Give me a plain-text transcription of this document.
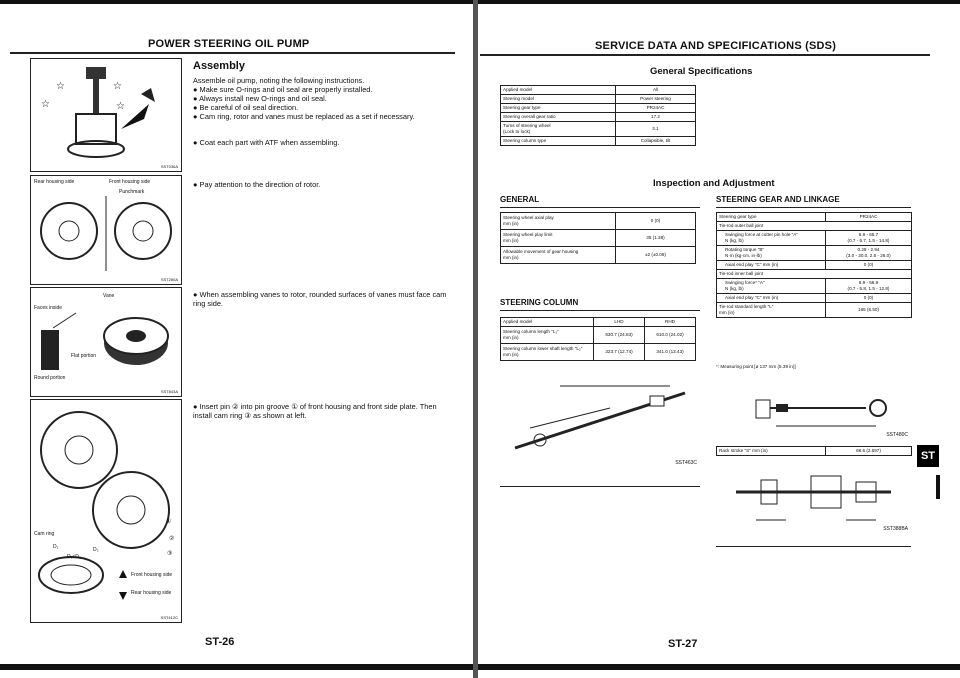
POWER STEERING OIL PUMP
☆	☆
☆	☆
SST036A
Rear housing side	Front housing side
Punchmark
SST280A
Vane
Faces inside
Flat portion
Round portion
SST843A
Cam ring
D₁
D₁<D₂
D₂
①
②
③
Front housing side
Rear housing side
SST412C
Assembly
Assemble oil pump, noting the following instructions.
● Make sure O-rings and oil seal are properly installed.
● Always install new O-rings and oil seal.
● Be careful of oil seal direction.
● Cam ring, rotor and vanes must be replaced as a set if necessary.
● Coat each part with ATF when assembling.
● Pay attention to the direction of rotor.
● When assembling vanes to rotor, rounded surfaces of vanes must face cam ring side.
● Insert pin ② into pin groove ① of front housing and front side plate. Then install cam ring ③ as shown at left.
ST-26
SERVICE DATA AND SPECIFICATIONS (SDS)
General Specifications
Applied model	All
Steering model	Power steering
Steering gear type	PR24AC
Steering overall gear ratio	17.2
Turns of steering wheel
(Lock to lock)	3.1
Steering column type	Collapsible, tilt
Inspection and Adjustment
GENERAL
Steering wheel axial play
mm (in)	0 (0)
Steering wheel play limit
mm (in)	35 (1.38)
Allowable movement of gear housing
mm (in)	±2 (±0.08)
STEERING COLUMN
Applied model	LHD	RHD
Steering column length "L₁"
mm (in)	630.7 (24.83)	610.0 (24.02)
Steering column lower shaft length "L₂"
mm (in)	323.7 (12.74)	341.0 (13.43)
SST463C
STEERING GEAR AND LINKAGE
Steering gear type	PR24AC
Tie-rod outer ball joint	
Swinging force at cotter pin hole "A"
N (kg, lb)	6.9 - 65.7
(0.7 - 6.7, 1.5 - 14.8)
Rotating torque "B"
N·m (kg-cm, in-lb)	0.29 - 2.94
(3.0 - 30.0, 2.6 - 26.0)
Axial end play "C" mm (in)	0 (0)
Tie-rod inner ball joint	
Swinging force* "A"
N (kg, lb)	6.9 - 56.9
(0.7 - 5.8, 1.5 - 12.8)
Axial end play "C" mm (in)	0 (0)
Tie-rod standard length "L"
mm (in)	165 (6.50)
*: Measuring point [ø 137 mm (5.39 in)]
SST480C
Rack stroke "S" mm (in)	68.5 (2.697)
SST388BA
ST
ST-27
